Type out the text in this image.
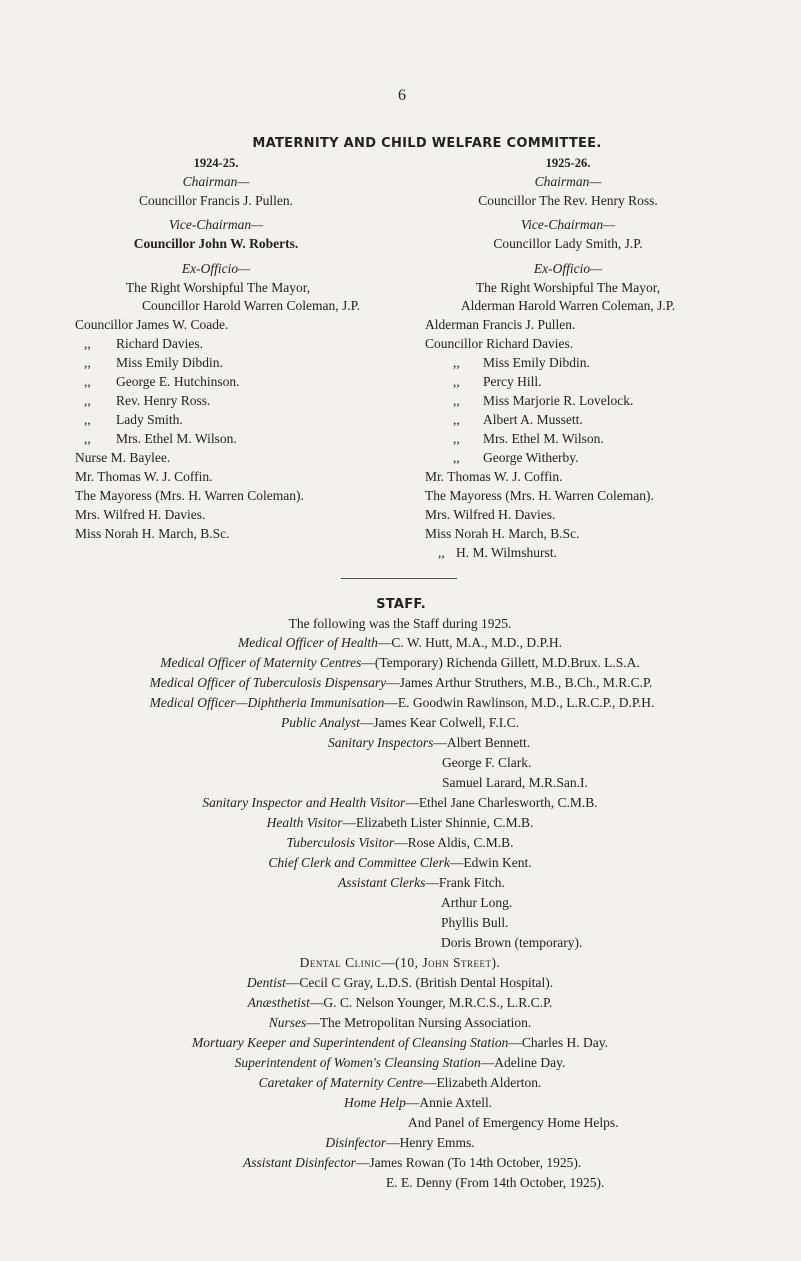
6
MATERNITY AND CHILD WELFARE COMMITTEE.
1924-25.
Chairman—
Councillor Francis J. Pullen.
Vice-Chairman—
Councillor John W. Roberts.
Ex-Officio—
The Right Worshipful The Mayor,
Councillor Harold Warren Coleman, J.P.
Councillor James W. Coade.
,, Richard Davies.
,, Miss Emily Dibdin.
,, George E. Hutchinson.
,, Rev. Henry Ross.
,, Lady Smith.
,, Mrs. Ethel M. Wilson.
Nurse M. Baylee.
Mr. Thomas W. J. Coffin.
The Mayoress (Mrs. H. Warren Coleman).
Mrs. Wilfred H. Davies.
Miss Norah H. March, B.Sc.
1925-26.
Chairman—
Councillor The Rev. Henry Ross.
Vice-Chairman—
Councillor Lady Smith, J.P.
Ex-Officio—
The Right Worshipful The Mayor,
Alderman Harold Warren Coleman, J.P.
Alderman Francis J. Pullen.
Councillor Richard Davies.
,, Miss Emily Dibdin.
,, Percy Hill.
,, Miss Marjorie R. Lovelock.
,, Albert A. Mussett.
,, Mrs. Ethel M. Wilson.
,, George Witherby.
Mr. Thomas W. J. Coffin.
The Mayoress (Mrs. H. Warren Coleman).
Mrs. Wilfred H. Davies.
Miss Norah H. March, B.Sc.
,, H. M. Wilmshurst.
STAFF.
The following was the Staff during 1925.
Medical Officer of Health—C. W. Hutt, M.A., M.D., D.P.H.
Medical Officer of Maternity Centres—(Temporary) Richenda Gillett, M.D.Brux. L.S.A.
Medical Officer of Tuberculosis Dispensary—James Arthur Struthers, M.B., B.Ch., M.R.C.P.
Medical Officer—Diphtheria Immunisation—E. Goodwin Rawlinson, M.D., L.R.C.P., D.P.H.
Public Analyst—James Kear Colwell, F.I.C.
Sanitary Inspectors—Albert Bennett.
George F. Clark.
Samuel Larard, M.R.San.I.
Sanitary Inspector and Health Visitor—Ethel Jane Charlesworth, C.M.B.
Health Visitor—Elizabeth Lister Shinnie, C.M.B.
Tuberculosis Visitor—Rose Aldis, C.M.B.
Chief Clerk and Committee Clerk—Edwin Kent.
Assistant Clerks—Frank Fitch.
Arthur Long.
Phyllis Bull.
Doris Brown (temporary).
Dental Clinic—(10, John Street).
Dentist—Cecil C Gray, L.D.S. (British Dental Hospital).
Anæsthetist—G. C. Nelson Younger, M.R.C.S., L.R.C.P.
Nurses—The Metropolitan Nursing Association.
Mortuary Keeper and Superintendent of Cleansing Station—Charles H. Day.
Superintendent of Women's Cleansing Station—Adeline Day.
Caretaker of Maternity Centre—Elizabeth Alderton.
Home Help—Annie Axtell.
And Panel of Emergency Home Helps.
Disinfector—Henry Emms.
Assistant Disinfector—James Rowan (To 14th October, 1925).
E. E. Denny (From 14th October, 1925).
